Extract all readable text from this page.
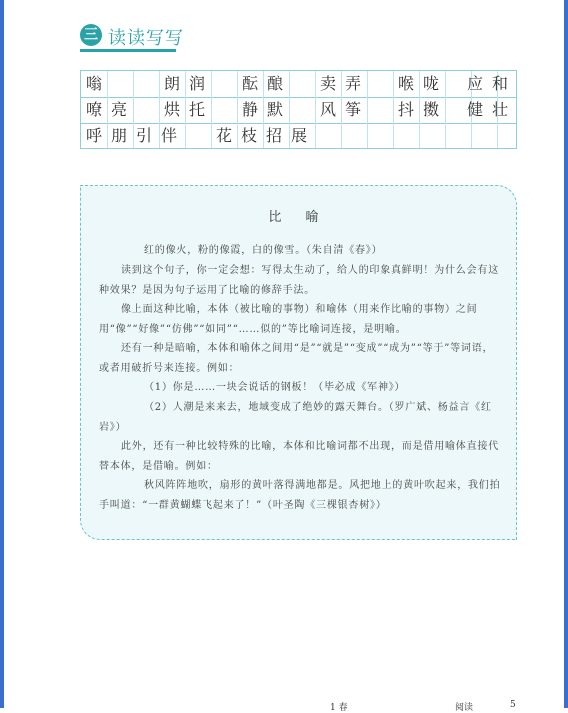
三 读读写写
嗡	朗润 酝酿 卖弄 喉咙 应和
嘹亮 烘托 静默 风筝 抖擞 健壮
呼朋引伴 花枝招展
比 喻

红的像火，粉的像霞，白的像雪。（朱自清《春》）

读到这个句子，你一定会想：写得太生动了，给人的印象真鲜明！为什么会有这种效果？是因为句子运用了比喻的修辞手法。

像上面这种比喻，本体（被比喻的事物）和喻体（用来作比喻的事物）之间用“像”“好像”“仿佛”“如同”“……似的”等比喻词连接，是明喻。

还有一种是暗喻，本体和喻体之间用“是”“就是”“变成”“成为”“等于”等词语，或者用破折号来连接。例如：

（1）你是……一块会说话的钢板！（毕必成《军神》）

（2）人潮是来来去，地域变成了绝妙的露天舞台。（罗广斌、杨益言《红岩》）

此外，还有一种比较特殊的比喻，本体和比喻词都不出现，而是借用喻体直接代替本体，是借喻。例如：

秋风阵阵地吹，扇形的黄叶落得满地都是。风把地上的黄叶吹起来，我们拍手叫道：“一群黄蝴蝶飞起来了！”（叶圣陶《三棵银杏树》）

1 春	阅读	5
